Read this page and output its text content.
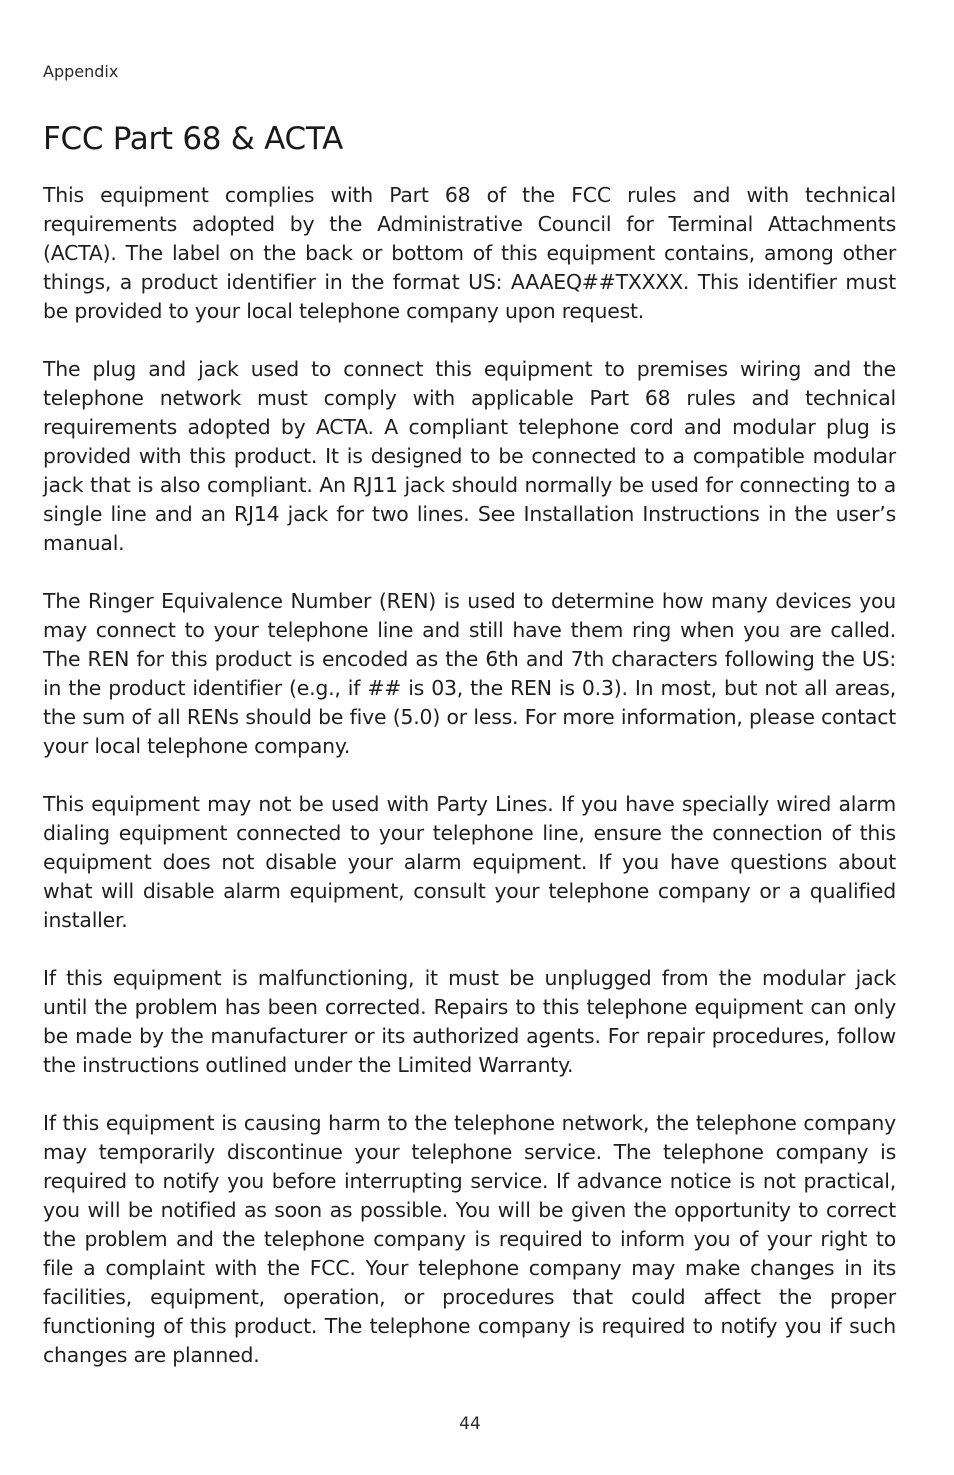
Appendix
FCC Part 68 & ACTA

This equipment complies with Part 68 of the FCC rules and with technical requirements adopted by the Administrative Council for Terminal Attachments (ACTA). The label on the back or bottom of this equipment contains, among other things, a product identifier in the format US: AAAEQ##TXXXX. This identifier must be provided to your local telephone company upon request.

The plug and jack used to connect this equipment to premises wiring and the telephone network must comply with applicable Part 68 rules and technical requirements adopted by ACTA. A compliant telephone cord and modular plug is provided with this product. It is designed to be connected to a compatible modular jack that is also compliant. An RJ11 jack should normally be used for connecting to a single line and an RJ14 jack for two lines. See Installation Instructions in the user’s manual.

The Ringer Equivalence Number (REN) is used to determine how many devices you may connect to your telephone line and still have them ring when you are called. The REN for this product is encoded as the 6th and 7th characters following the US: in the product identifier (e.g., if ## is 03, the REN is 0.3). In most, but not all areas, the sum of all RENs should be five (5.0) or less. For more information, please contact your local telephone company.

This equipment may not be used with Party Lines. If you have specially wired alarm dialing equipment connected to your telephone line, ensure the connection of this equipment does not disable your alarm equipment. If you have questions about what will disable alarm equipment, consult your telephone company or a qualified installer.

If this equipment is malfunctioning, it must be unplugged from the modular jack until the problem has been corrected. Repairs to this telephone equipment can only be made by the manufacturer or its authorized agents. For repair procedures, follow the instructions outlined under the Limited Warranty.

If this equipment is causing harm to the telephone network, the telephone company may temporarily discontinue your telephone service. The telephone company is required to notify you before interrupting service. If advance notice is not practical, you will be notified as soon as possible. You will be given the opportunity to correct the problem and the telephone company is required to inform you of your right to file a complaint with the FCC. Your telephone company may make changes in its facilities, equipment, operation, or procedures that could affect the proper functioning of this product. The telephone company is required to notify you if such changes are planned.

44
